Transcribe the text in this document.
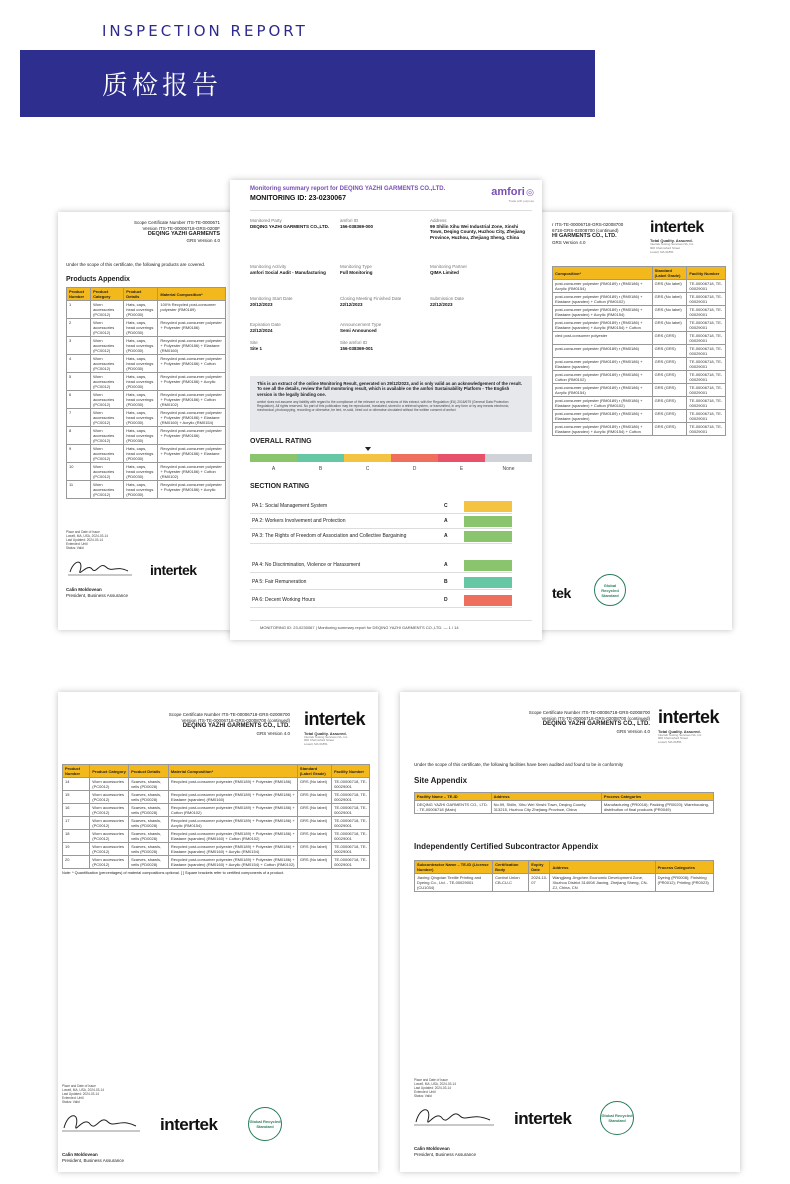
INSPECTION REPORT
质检报告
Scope Certificate Number ITS-TE-0000671
Version ITS-TE-00006718-GRS-0200F
DEQING YAZHI GARMENTS
GRS Version 4.0
Under the scope of this certificate, the following products are covered.
Products Appendix
Product Number	Product Category	Product Details	Material Composition*
1	Worn accessories (PC0012)	Hats, caps, head coverings (PD0030)	100% Recycled post-consumer polyester (RM0189)
2	Worn accessories (PC0012)	Hats, caps, head coverings (PD0030)	Recycled post-consumer polyester + Polyester (RM0186)
3	Worn accessories (PC0012)	Hats, caps, head coverings (PD0030)	Recycled post-consumer polyester + Polyester (RM0186) + Elastane (RM0160)
4	Worn accessories (PC0012)	Hats, caps, head coverings (PD0030)	Recycled post-consumer polyester + Polyester (RM0186) + Cotton
5	Worn accessories (PC0012)	Hats, caps, head coverings (PD0030)	Recycled post-consumer polyester + Polyester (RM0186) + Acrylic
6	Worn accessories (PC0012)	Hats, caps, head coverings (PD0030)	Recycled post-consumer polyester + Polyester (RM0186) + Cotton (RM0102)
7	Worn accessories (PC0012)	Hats, caps, head coverings (PD0030)	Recycled post-consumer polyester + Polyester (RM0186) + Elastane (RM0160) + Acrylic (RM0154)
8	Worn accessories (PC0012)	Hats, caps, head coverings (PD0030)	Recycled post-consumer polyester + Polyester (RM0186)
9	Worn accessories (PC0012)	Hats, caps, head coverings (PD0030)	Recycled post-consumer polyester + Polyester (RM0186) + Elastane
10	Worn accessories (PC0012)	Hats, caps, head coverings (PD0030)	Recycled post-consumer polyester + Polyester (RM0186) + Cotton (RM0102)
11	Worn accessories (PC0012)	Hats, caps, head coverings (PD0030)	Recycled post-consumer polyester + Polyester (RM0186) + Acrylic
Place and Date of Issue
Lowell, MA, USA, 2024-03-14
Last Updated: 2024-03-14
Extended: Until
Status: Valid
intertek
Calin Moldovean
President, Business Assurance
r ITS-TE-00006718-GRS-02008700
6718-GRS-02008700 (continued)
HI GARMENTS CO., LTD.
GRS Version 4.0
intertek
Total Quality. Assured.
Intertek Testing Services NA, Inc.
900 Chelmsford Street
Lowell, MA 01851
Composition*	Standard (Label Grade)	Facility Number
post-consumer polyester (RM0189) r (RM0186) + Acrylic (RM0154)	GRS (No label)	TE-00006718, TE-00029001
post-consumer polyester (RM0189) r (RM0186) + Elastane (spandex) + Cotton (RM0102)	GRS (No label)	TE-00006718, TE-00029001
post-consumer polyester (RM0189) r (RM0186) + Elastane (spandex) + Acrylic (RM0154)	GRS (No label)	TE-00006718, TE-00029001
post-consumer polyester (RM0189) r (RM0186) + Elastane (spandex) + Acrylic (RM0154) + Cotton	GRS (No label)	TE-00006718, TE-00029001
cled post-consumer polyester	GRS (GRS)	TE-00006718, TE-00029001
post-consumer polyester (RM0189) r (RM0186)	GRS (GRS)	TE-00006718, TE-00029001
post-consumer polyester (RM0189) r (RM0186) + Elastane (spandex)	GRS (GRS)	TE-00006718, TE-00029001
post-consumer polyester (RM0189) r (RM0186) + Cotton (RM0102)	GRS (GRS)	TE-00006718, TE-00029001
post-consumer polyester (RM0189) r (RM0186) + Acrylic (RM0154)	GRS (GRS)	TE-00006718, TE-00029001
post-consumer polyester (RM0189) r (RM0186) + Elastane (spandex) + Cotton (RM0102)	GRS (GRS)	TE-00006718, TE-00029001
post-consumer polyester (RM0189) r (RM0186) + Elastane (spandex)	GRS (GRS)	TE-00006718, TE-00029001
post-consumer polyester (RM0189) r (RM0186) + Elastane (spandex) + Acrylic (RM0154) + Cotton	GRS (GRS)	TE-00006718, TE-00029001
tek	Global Recycled Standard
Monitoring summary report for DEQING YAZHI GARMENTS CO.,LTD.
MONITORING ID: 23-0230067
amfori ◎
Trade with purpose
Monitored Party
DEQING YAZHI GARMENTS CO.,LTD.
amfori ID
156-038369-000
Address
99 Shilin Xihu Wei Industrial Zone, Xinshi Town, Deqing County, Huzhou City, Zhejiang Province, Huzhou, Zhejiang Sheng, China
Monitoring Activity
amfori Social Audit - Manufacturing
Monitoring Type
Full Monitoring
Monitoring Partner
QIMA Limited
Monitoring Start Date
20/12/2023
Closing Meeting Finished Date
22/12/2023
Submission Date
22/12/2023
Expiration Date
22/12/2024
Announcement Type
Semi Announced
Site
Site 1
Site amfori ID
156-038369-001
This is an extract of the online Monitoring Result, generated on 29/12/2023, and is only valid as an acknowledgement of the result. To see all the details, review the full monitoring result, which is available on the amfori Sustainability Platform - The English version is the legally binding one.
amfori does not assume any liability with regard to the compliance of the relevant or any versions of this extract, with the Regulation (EU) 2016/679 (General Data Protection Regulation). All rights reserved. No part of this publication may be reproduced, translated, stored in a retrieval system, or transmitted, in any form or by any means electronic, mechanical, photocopying, recording or otherwise, be lent, re-sold, hired out or otherwise circulated without the written consent of amfori.
OVERALL RATING
A	B	C	D	E	None
SECTION RATING
PA 1: Social Management System	C
PA 2: Workers Involvement and Protection	A
PA 3: The Rights of Freedom of Association and Collective Bargaining	A
PA 4: No Discrimination, Violence or Harassment	A
PA 5: Fair Remuneration	B
PA 6: Decent Working Hours	D
MONITORING ID: 23-0230067 | Monitoring summary report for DEQING YAZHI GARMENTS CO.,LTD. — 1 / 14
Scope Certificate Number ITS-TE-00006718-GRS-02008700
Version ITS-TE-00006718-GRS-02008700 (continued)
DEQING YAZHI GARMENTS CO., LTD.
GRS Version 4.0
intertek
Total Quality. Assured.
Intertek Testing Services NA, Inc.
900 Chelmsford Street
Lowell, MA 01851
Product Number	Product Category	Product Details	Material Composition*	Standard (Label Grade)	Facility Number
14	Worn accessories (PC0012)	Scarves, shawls, veils (PD0028)	Recycled post-consumer polyester (RM0189) + Polyester (RM0186)	GRS (No label)	TE-00006718, TE-00029001
15	Worn accessories (PC0012)	Scarves, shawls, veils (PD0028)	Recycled post-consumer polyester (RM0189) + Polyester (RM0186) + Elastane (spandex) (RM0160)	GRS (No label)	TE-00006718, TE-00029001
16	Worn accessories (PC0012)	Scarves, shawls, veils (PD0028)	Recycled post-consumer polyester (RM0189) + Polyester (RM0186) + Cotton (RM0102)	GRS (No label)	TE-00006718, TE-00029001
17	Worn accessories (PC0012)	Scarves, shawls, veils (PD0028)	Recycled post-consumer polyester (RM0189) + Polyester (RM0186) + Acrylic (RM0154)	GRS (No label)	TE-00006718, TE-00029001
18	Worn accessories (PC0012)	Scarves, shawls, veils (PD0028)	Recycled post-consumer polyester (RM0189) + Polyester (RM0186) + Elastane (spandex) (RM0160) + Cotton (RM0102)	GRS (No label)	TE-00006718, TE-00029001
19	Worn accessories (PC0012)	Scarves, shawls, veils (PD0028)	Recycled post-consumer polyester (RM0189) + Polyester (RM0186) + Elastane (spandex) (RM0160) + Acrylic (RM0154)	GRS (No label)	TE-00006718, TE-00029001
20	Worn accessories (PC0012)	Scarves, shawls, veils (PD0028)	Recycled post-consumer polyester (RM0189) + Polyester (RM0186) + Elastane (spandex) (RM0160) + Acrylic (RM0154) + Cotton (RM0102)	GRS (No label)	TE-00006718, TE-00029001
Note: * Quantification (percentages) of material compositions optional. [ ] Square brackets refer to certified components of a product.
Place and Date of Issue
Lowell, MA, USA, 2024-03-14
Last Updated: 2024-03-14
Extended: Until
Status: Valid
intertek	Global Recycled Standard
Calin Moldovean
President, Business Assurance
Scope Certificate Number ITS-TE-00006718-GRS-02008700
Version ITS-TE-00006718-GRS-02008700 (continued)
DEQING YAZHI GARMENTS CO., LTD.
GRS Version 4.0
intertek
Total Quality. Assured.
Intertek Testing Services NA, Inc.
900 Chelmsford Street
Lowell, MA 01851
Under the scope of this certificate, the following facilities have been audited and found to be in conformity
Site Appendix
Facility Name – TE-ID	Address	Process Categories
DEQING YAZHI GARMENTS CO., LTD. - TE-00006718 (Main)	No.99, Shilin, Xihu Wei Xinshi Town, Deqing County, 313215, Huzhou City Zhejiang Province, China	Manufacturing (PR0016); Packing (PR0020); Warehousing, distribution of final products (PR0049)
Independently Certified Subcontractor Appendix
Subcontractor Name – TE-ID (License Number)	Certification Body	Expiry Date	Address	Process Categories
Jiaxing Qingxian Textile Printing and Dyeing Co., Ltd. - TE-00029001 (CU1034)	Control Union CB-CU-C	2024-10-07	Wangjiang Jingchen Economic Development Zone, Xiuzhou District 314008 Jiaxing, Zhejiang Sheng, CN-ZJ, China, CN	Dyeing (PR0008); Finishing (PR0012); Printing (PR0023)
Place and Date of Issue
Lowell, MA, USA, 2024-03-14
Last Updated: 2024-03-14
Extended: Until
Status: Valid
intertek	Global Recycled Standard
Calin Moldovean
President, Business Assurance
